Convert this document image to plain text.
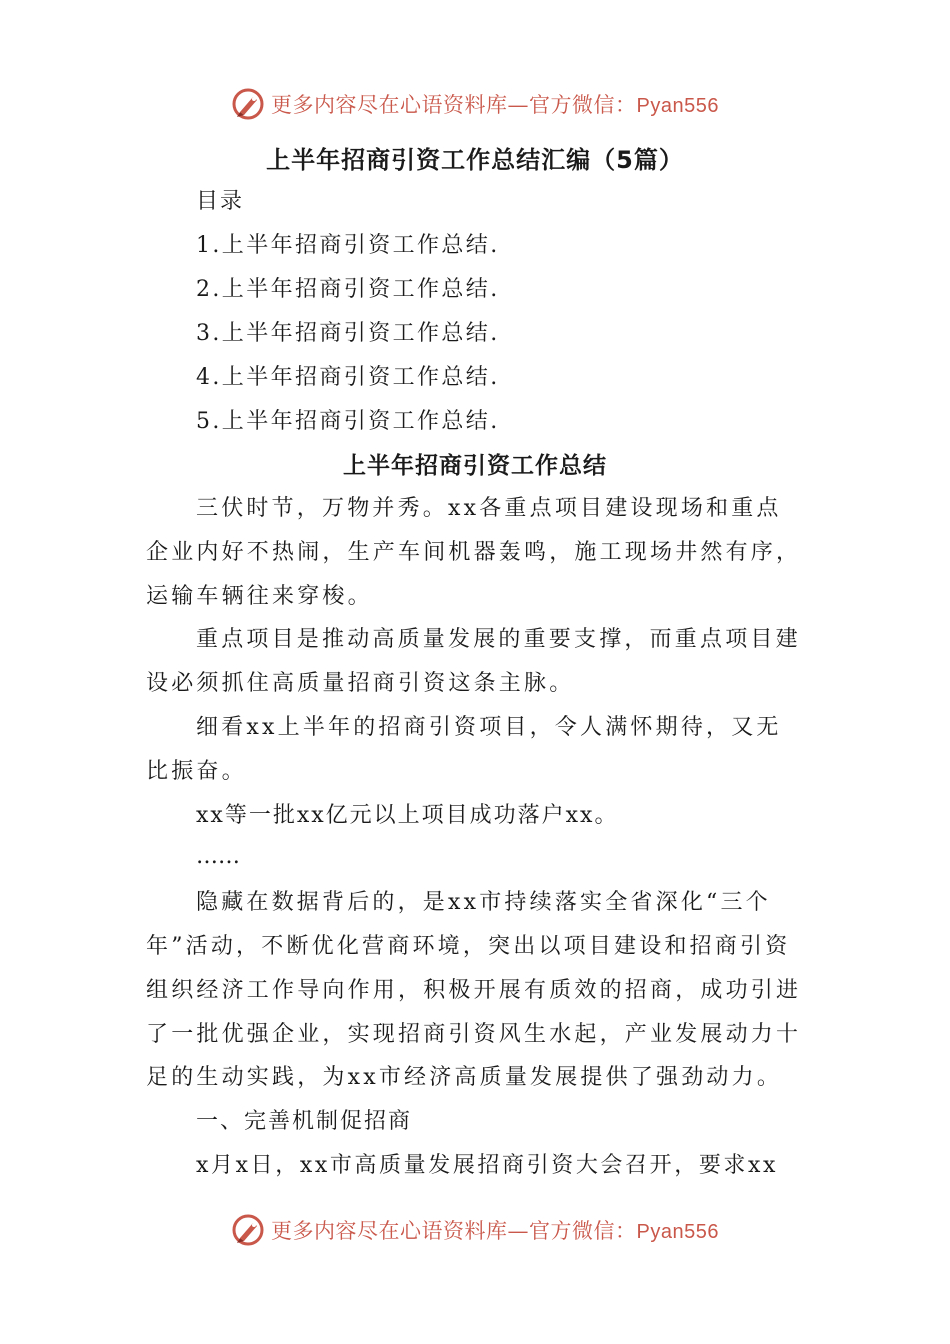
更多内容尽在心语资料库—官方微信：Pyan556
上半年招商引资工作总结汇编（5篇）
目录
1.上半年招商引资工作总结.
2.上半年招商引资工作总结.
3.上半年招商引资工作总结.
4.上半年招商引资工作总结.
5.上半年招商引资工作总结.
上半年招商引资工作总结
三伏时节，万物并秀。xx各重点项目建设现场和重点
企业内好不热闹，生产车间机器轰鸣，施工现场井然有序，
运输车辆往来穿梭。
重点项目是推动高质量发展的重要支撑，而重点项目建
设必须抓住高质量招商引资这条主脉。
细看xx上半年的招商引资项目，令人满怀期待，又无
比振奋。
xx等一批xx亿元以上项目成功落户xx。
……
隐藏在数据背后的，是xx市持续落实全省深化“三个
年”活动，不断优化营商环境，突出以项目建设和招商引资
组织经济工作导向作用，积极开展有质效的招商，成功引进
了一批优强企业，实现招商引资风生水起，产业发展动力十
足的生动实践，为xx市经济高质量发展提供了强劲动力。
一、完善机制促招商
x月x日，xx市高质量发展招商引资大会召开，要求xx
更多内容尽在心语资料库—官方微信：Pyan556
